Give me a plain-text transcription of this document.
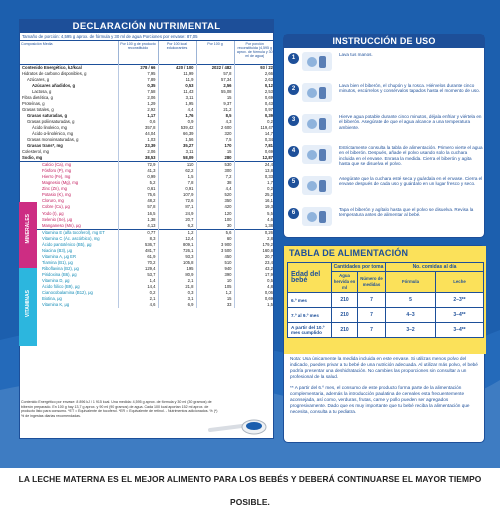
DECLARACIÓN NUTRIMENTAL
Tamaño de porción: 4,595 g aprox. de fórmula y 30 ml de agua Porciones por envase: 87,05
Composición Media	Por 100 g de producto reconstituido	Por 100 kcal edulcorantes	Por 100 g	Por porción reconstituida (4,595 g aprox. de fórmula y 30 ml de agua)
Contenido Energético, kJ/kcal	278 / 66	420 / 100	2022 / 482	93 / 22
Hidratos de carbono disponibles, g	7,95	11,99	57,8	2,66
Azúcares, g	7,89	11,9	57,34	2,63
Azúcares añadidos, g	0,35	0,53	2,56	0,12
Lactosa, g	7,58	11,43	55,08	2,53
Fibra dietética, g	2,06	3,11	15	0,69
Proteínas, g	1,29	1,95	9,37	0,43
Grasas totales, g	2,92	4,4	21,2	0,97
Grasas saturadas, g	1,17	1,76	8,5	0,39
Grasas poliinsaturadas, g	0,6	0,9	4,3	0,2
Ácido linoleico, mg	357,8	539,42	2 600	119,47
Ácido α-linolénico, mg	44,04	66,39	320	14,7
Grasas monoinsaturadas, g	1,03	1,56	7,5	0,34
Grasas trans*, mg	23,39	35,27	170	7,81
Colesterol, mg	2,06	3,11	15	0,69
Sodio, mg	38,53	58,09	280	12,87
Calcio (Ca), mg	72,9	110	530	24,4
Fósforo (P), mg	41,3	62,2	300	13,8
Hierro (Fe), mg	0,99	1,5	7,2	0,33
Magnesio (Mg), mg	5,2	7,8	38	1,7
Zinc (Zn), mg	0,61	0,91	4,4	0,2
Potasio (K), mg	75,6	107,9	520	25,2
Cloruro, mg	48,2	72,6	350	16,1
Cobre (Cu), μg	57,8	87,1	420	19,3
Yodo (I), μg	16,5	24,9	120	5,5
Selenio (Se), μg	1,38	20,7	100	4,6
Manganeso (Mn), μg	4,13	6,2	30	1,38
Vitamina E (alfa tocoferol), mg ET	0,77	1,2	5,6	0,26
Vitamina C (Ác. ascórbico), mg	8,3	12,4	60	2,8
Ácido pantoténico (B5), μg	536,7	809,1	3 900	179,2
Niacina (B3), μg	481,7	726,1	3 500	160,8
Vitamina A, μg ER	61,9	93,3	450	20,7
Tiamina (B1), μg	70,2	105,8	510	23,4
Riboflavina (B2), μg	129,4	195	940	43,2
Piridoxina (B6), μg	53,7	80,9	390	17,9
Vitamina D, μg	1,4	2,1	10	0,5
Ácido fólico (B9), μg	14,4	21,8	105	4,8
Cianocobalamina (B12), μg	0,2	0,3	1,2	0,06
Biotina, μg	2,1	3,1	15	0,69
Vitamina K, μg	4,6	6,9	33	1,5
MINERALES
VITAMINAS
Contenido Energético por envase: 8 896 kJ / 1 915 kcal. Una medida: 4,595 g aprox. de fórmula y 30 ml (30 gramos) de biberón preparado. En 100 g hay 13,7 g aprox. y 90 ml (90 gramos) de agua. Cada 100 kcal aportan 152 ml aprox. de producto listo para consumo. *ET = Equivalente de tocoferol. *ER = Equivalente de retinol. - Nutrimentos adicionados. % (*) % de ingestas diarias recomendadas.
INSTRUCCIÓN DE USO
1
Lava tus manos.
2
Lava bien el biberón, el chupón y la rosca. Hiérvelos durante cinco minutos, escúrrelos y consérvalos tapados hasta el momento de uso.
3
Hierve agua potable durante cinco minutos, déjala enfriar y viértela en el biberón. Asegúrate de que el agua alcance a una temperatura ambiente.
4
Estrictamente consulta la tabla de alimentación. Primero vierte el agua en el biberón. Después, añade el polvo usando solo la cuchara incluida en el envase. Enrasa la medida. Cierra el biberón y agita hasta que se disuelva el polvo.
5
Asegúrate que la cuchara esté seca y guárdala en el envase. Cierra el envase después de cada uso y guárdalo en un lugar fresco y seco.
6
Tapa el biberón y agítalo hasta que el polvo se disuelva. Revisa la temperatura antes de alimentar al bebé.
TABLA DE ALIMENTACIÓN
Edad del bebé	Cantidades por toma		No. comidas al día	
	Agua hervida en ml	Número de medidas	Fórmula	Leche
6.º mes	210	7	5	2–3**
7.º al 9.º mes	210	7	4–3	3–4**
A partir del 10.º mes cumplido	210	7	3–2	3–4**

Nota: Usa únicamente la medida incluida en este envase. Si utilizas menos polvo del indicado, puedes privar a tu bebé de una nutrición adecuada. Al utilizar más polvo, el bebé podría presentar una deshidratación. No cambies las proporciones sin consultar a un profesional de la salud.

** A partir del 6.º mes, el consumo de este producto forma parte de la alimentación complementaria, además la introducción paulatina de cereales esta frecuentemente aconsejada, así como, verduras, frutas, carne y pollo pueden ser agregados progresivamente. Dado que es muy importante que tu bebé reciba la alimentación que necesita, consulta a tu pediatra.

LA LECHE MATERNA ES EL MEJOR ALIMENTO PARA LOS BEBÉS Y DEBERÁ CONTINUARSE EL MAYOR TIEMPO POSIBLE.
